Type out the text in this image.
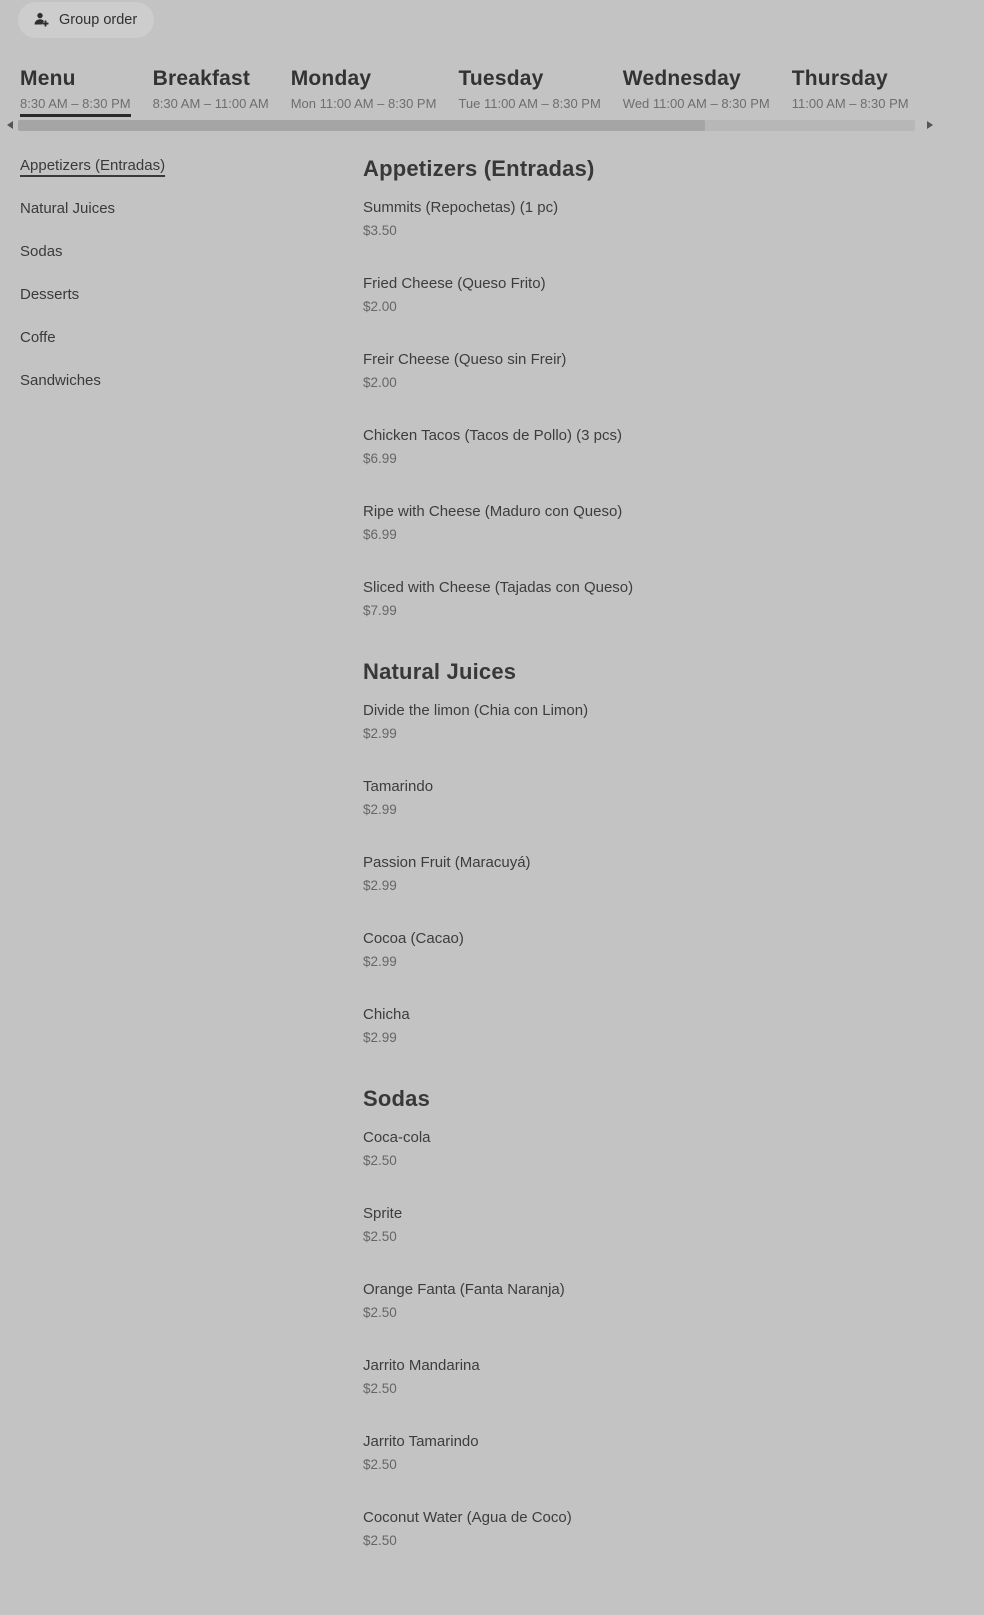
Group order
Menu
8:30 AM – 8:30 PM
Breakfast
8:30 AM – 11:00 AM
Monday
Mon 11:00 AM – 8:30 PM
Tuesday
Tue 11:00 AM – 8:30 PM
Wednesday
Wed 11:00 AM – 8:30 PM
Thursday
11:00 AM – 8:30 PM
Appetizers (Entradas)
Natural Juices
Sodas
Desserts
Coffe
Sandwiches
Appetizers (Entradas)
Summits (Repochetas) (1 pc)
$3.50
Fried Cheese (Queso Frito)
$2.00
Freir Cheese (Queso sin Freir)
$2.00
Chicken Tacos (Tacos de Pollo) (3 pcs)
$6.99
Ripe with Cheese (Maduro con Queso)
$6.99
Sliced with Cheese (Tajadas con Queso)
$7.99
Natural Juices
Divide the limon (Chia con Limon)
$2.99
Tamarindo
$2.99
Passion Fruit (Maracuyá)
$2.99
Cocoa (Cacao)
$2.99
Chicha
$2.99
Sodas
Coca-cola
$2.50
Sprite
$2.50
Orange Fanta (Fanta Naranja)
$2.50
Jarrito Mandarina
$2.50
Jarrito Tamarindo
$2.50
Coconut Water (Agua de Coco)
$2.50
